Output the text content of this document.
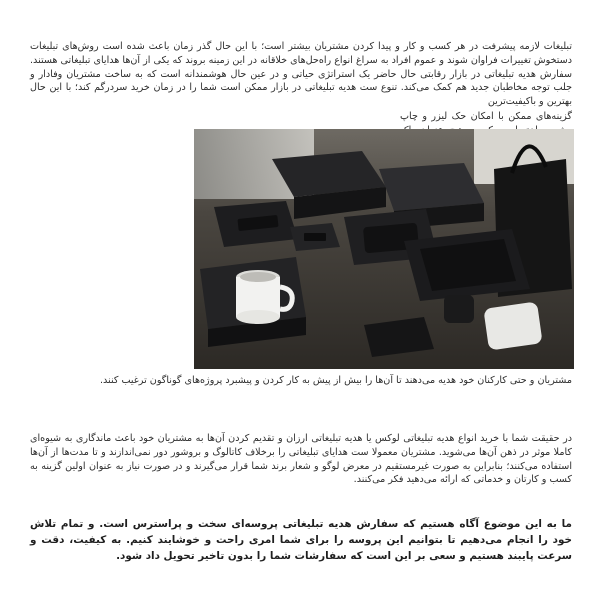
تبلیغات لازمه پیشرفت در هر کسب و کار و پیدا کردن مشتریان بیشتر است؛ با این حال گذر زمان باعث شده است روش‌های تبلیغات دستخوش تغییرات فراوان شوند و عموم افراد به سراغ انواع راه‌حل‌های خلاقانه در این زمینه بروند که یکی از آن‌ها هدایای تبلیغاتی هستند. سفارش هدیه تبلیغاتی در بازار رقابتی حال حاضر یک استراتژی حیاتی و در عین حال هوشمندانه است که به ساخت مشتریان وفادار و جلب توجه مخاطبان جدید هم کمک می‌کند. تنوع ست هدیه تبلیغاتی در بازار ممکن است شما را در زمان خرید سردرگم کند؛ با این حال بهترین و باکیفیت‌ترین

گزینه‌های ممکن با امکان حک لیزر و چاپ

مشتریان و حتی کارکنان خود هدیه می‌دهند تا آن‌ها را بیش از پیش به کار کردن و پیشبرد پروژه‌های گوناگون ترغیب کنند.

در حقیقت شما با خرید انواع هدیه تبلیغاتی لوکس یا هدیه تبلیغاتی ارزان و تقدیم کردن آن‌ها به مشتریان خود باعث ماندگاری به شیوه‌ای کاملا موثر در ذهن آن‌ها می‌شوید. مشتریان معمولا ست هدایای تبلیغاتی را برخلاف کاتالوگ و بروشور دور نمی‌اندازند و تا مدت‌ها از آن‌ها استفاده می‌کنند؛ بنابراین به صورت غیرمستقیم در معرض لوگو و شعار برند شما قرار می‌گیرند و در صورت نیاز به عنوان اولین گزینه به کسب و کارتان و خدماتی که ارائه می‌دهید فکر می‌کنند.

ما به این موضوع آگاه هستیم که سفارش هدیه تبلیغاتی پروسه‌ای سخت و پراسترس است. و تمام تلاش خود را انجام می‌دهیم تا بتوانیم این پروسه را برای شما امری راحت و خوشایند کنیم. به کیفیت، دقت و سرعت پایبند هستیم و سعی بر این است که سفارشات شما را بدون تاخیر تحویل داد شود.
